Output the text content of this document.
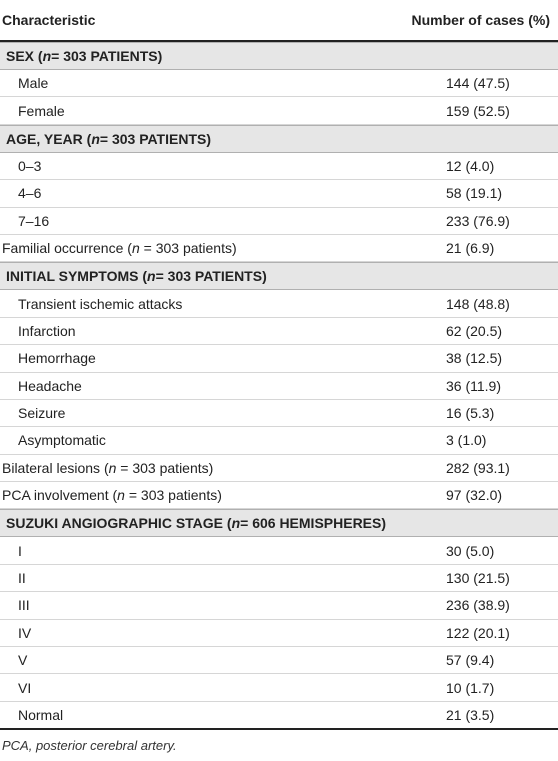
Characteristic	Number of cases (%)
SEX ( n = 303 PATIENTS)
Male	144 (47.5)
Female	159 (52.5)
AGE, YEAR ( n = 303 PATIENTS)
0–3	12 (4.0)
4–6	58 (19.1)
7–16	233 (76.9)
Familial occurrence (n = 303 patients)	21 (6.9)
INITIAL SYMPTOMS ( n = 303 PATIENTS)
Transient ischemic attacks	148 (48.8)
Infarction	62 (20.5)
Hemorrhage	38 (12.5)
Headache	36 (11.9)
Seizure	16 (5.3)
Asymptomatic	3 (1.0)
Bilateral lesions (n = 303 patients)	282 (93.1)
PCA involvement (n = 303 patients)	97 (32.0)
SUZUKI ANGIOGRAPHIC STAGE ( n = 606 HEMISPHERES)
I	30 (5.0)
II	130 (21.5)
III	236 (38.9)
IV	122 (20.1)
V	57 (9.4)
VI	10 (1.7)
Normal	21 (3.5)
PCA, posterior cerebral artery.
